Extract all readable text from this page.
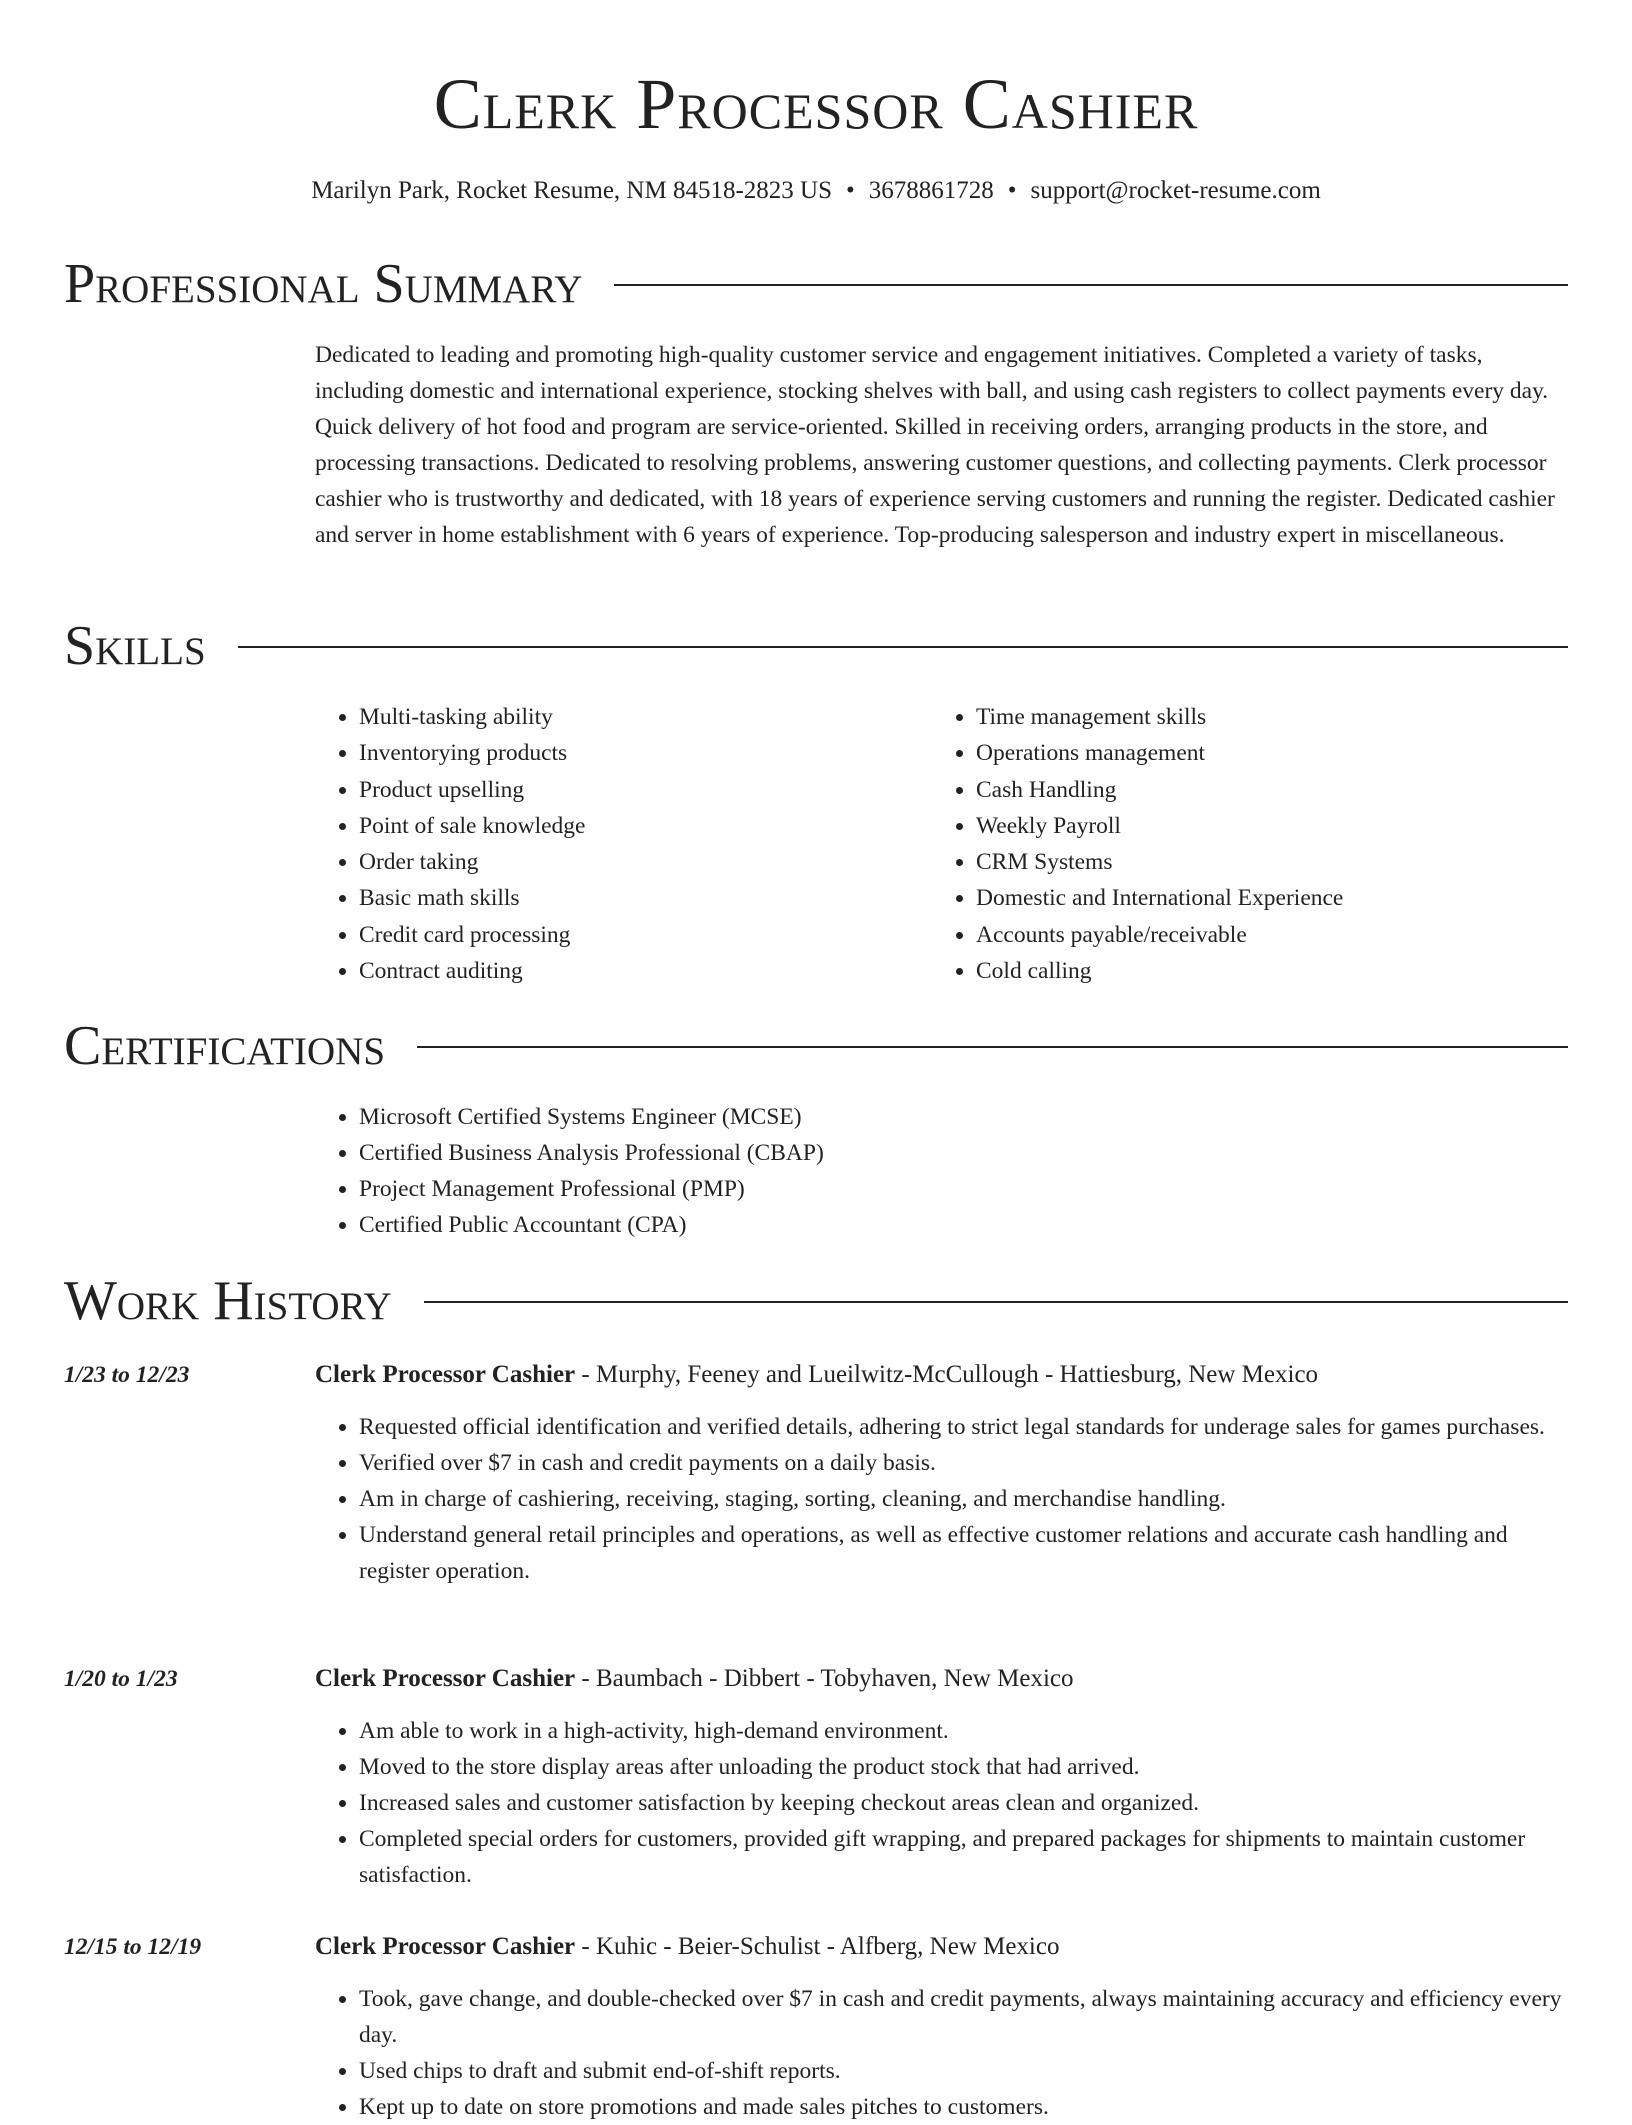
Clerk Processor Cashier
Marilyn Park, Rocket Resume, NM 84518-2823 US • 3678861728 • support@rocket-resume.com
Professional Summary

Dedicated to leading and promoting high-quality customer service and engagement initiatives. Completed a variety of tasks, including domestic and international experience, stocking shelves with ball, and using cash registers to collect payments every day. Quick delivery of hot food and program are service-oriented. Skilled in receiving orders, arranging products in the store, and processing transactions. Dedicated to resolving problems, answering customer questions, and collecting payments. Clerk processor cashier who is trustworthy and dedicated, with 18 years of experience serving customers and running the register. Dedicated cashier and server in home establishment with 6 years of experience. Top-producing salesperson and industry expert in miscellaneous.

Skills
• Multi-tasking ability
• Inventorying products
• Product upselling
• Point of sale knowledge
• Order taking
• Basic math skills
• Credit card processing
• Contract auditing
• Time management skills
• Operations management
• Cash Handling
• Weekly Payroll
• CRM Systems
• Domestic and International Experience
• Accounts payable/receivable
• Cold calling
Certifications
• Microsoft Certified Systems Engineer (MCSE)
• Certified Business Analysis Professional (CBAP)
• Project Management Professional (PMP)
• Certified Public Accountant (CPA)
Work History
1/23 to 12/23	Clerk Processor Cashier - Murphy, Feeney and Lueilwitz-McCullough - Hattiesburg, New Mexico
• Requested official identification and verified details, adhering to strict legal standards for underage sales for games purchases.
• Verified over $7 in cash and credit payments on a daily basis.
• Am in charge of cashiering, receiving, staging, sorting, cleaning, and merchandise handling.
• Understand general retail principles and operations, as well as effective customer relations and accurate cash handling and register operation.
1/20 to 1/23	Clerk Processor Cashier - Baumbach - Dibbert - Tobyhaven, New Mexico
• Am able to work in a high-activity, high-demand environment.
• Moved to the store display areas after unloading the product stock that had arrived.
• Increased sales and customer satisfaction by keeping checkout areas clean and organized.
• Completed special orders for customers, provided gift wrapping, and prepared packages for shipments to maintain customer satisfaction.
12/15 to 12/19	Clerk Processor Cashier - Kuhic - Beier-Schulist - Alfberg, New Mexico
• Took, gave change, and double-checked over $7 in cash and credit payments, always maintaining accuracy and efficiency every day.
• Used chips to draft and submit end-of-shift reports.
• Kept up to date on store promotions and made sales pitches to customers.
